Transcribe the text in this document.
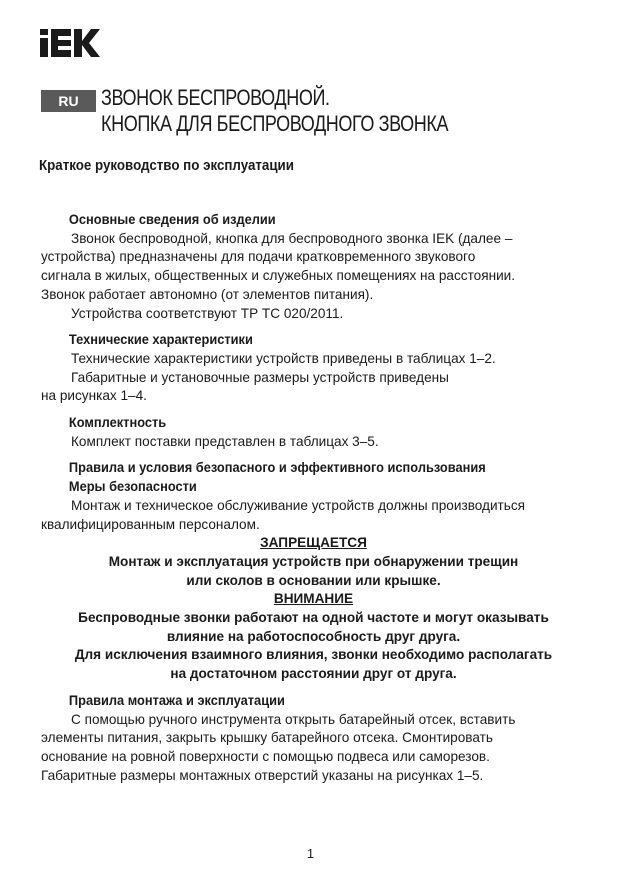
RU	ЗВОНОК БЕСПРОВОДНОЙ.
КНОПКА ДЛЯ БЕСПРОВОДНОГО ЗВОНКА
Краткое руководство по эксплуатации

Основные сведения об изделии

Звонок беспроводной, кнопка для беспроводного звонка IEK (далее –

устройства) предназначены для подачи кратковременного звукового

сигнала в жилых, общественных и служебных помещениях на расстоянии.

Звонок работает автономно (от элементов питания).

Устройства соответствуют ТР ТС 020/2011.

Технические характеристики

Технические характеристики устройств приведены в таблицах 1–2.

Габаритные и установочные размеры устройств приведены

на рисунках 1–4.

Комплектность

Комплект поставки представлен в таблицах 3–5.

Правила и условия безопасного и эффективного использования

Меры безопасности

Монтаж и техническое обслуживание устройств должны производиться

квалифицированным персоналом.

ЗАПРЕЩАЕТСЯ

Монтаж и эксплуатация устройств при обнаружении трещин

или сколов в основании или крышке.

ВНИМАНИЕ

Беспроводные звонки работают на одной частоте и могут оказывать

влияние на работоспособность друг друга.

Для исключения взаимного влияния, звонки необходимо располагать

на достаточном расстоянии друг от друга.

Правила монтажа и эксплуатации

С помощью ручного инструмента открыть батарейный отсек, вставить

элементы питания, закрыть крышку батарейного отсека. Смонтировать

основание на ровной поверхности с помощью подвеса или саморезов.

Габаритные размеры монтажных отверстий указаны на рисунках 1–5.

1
